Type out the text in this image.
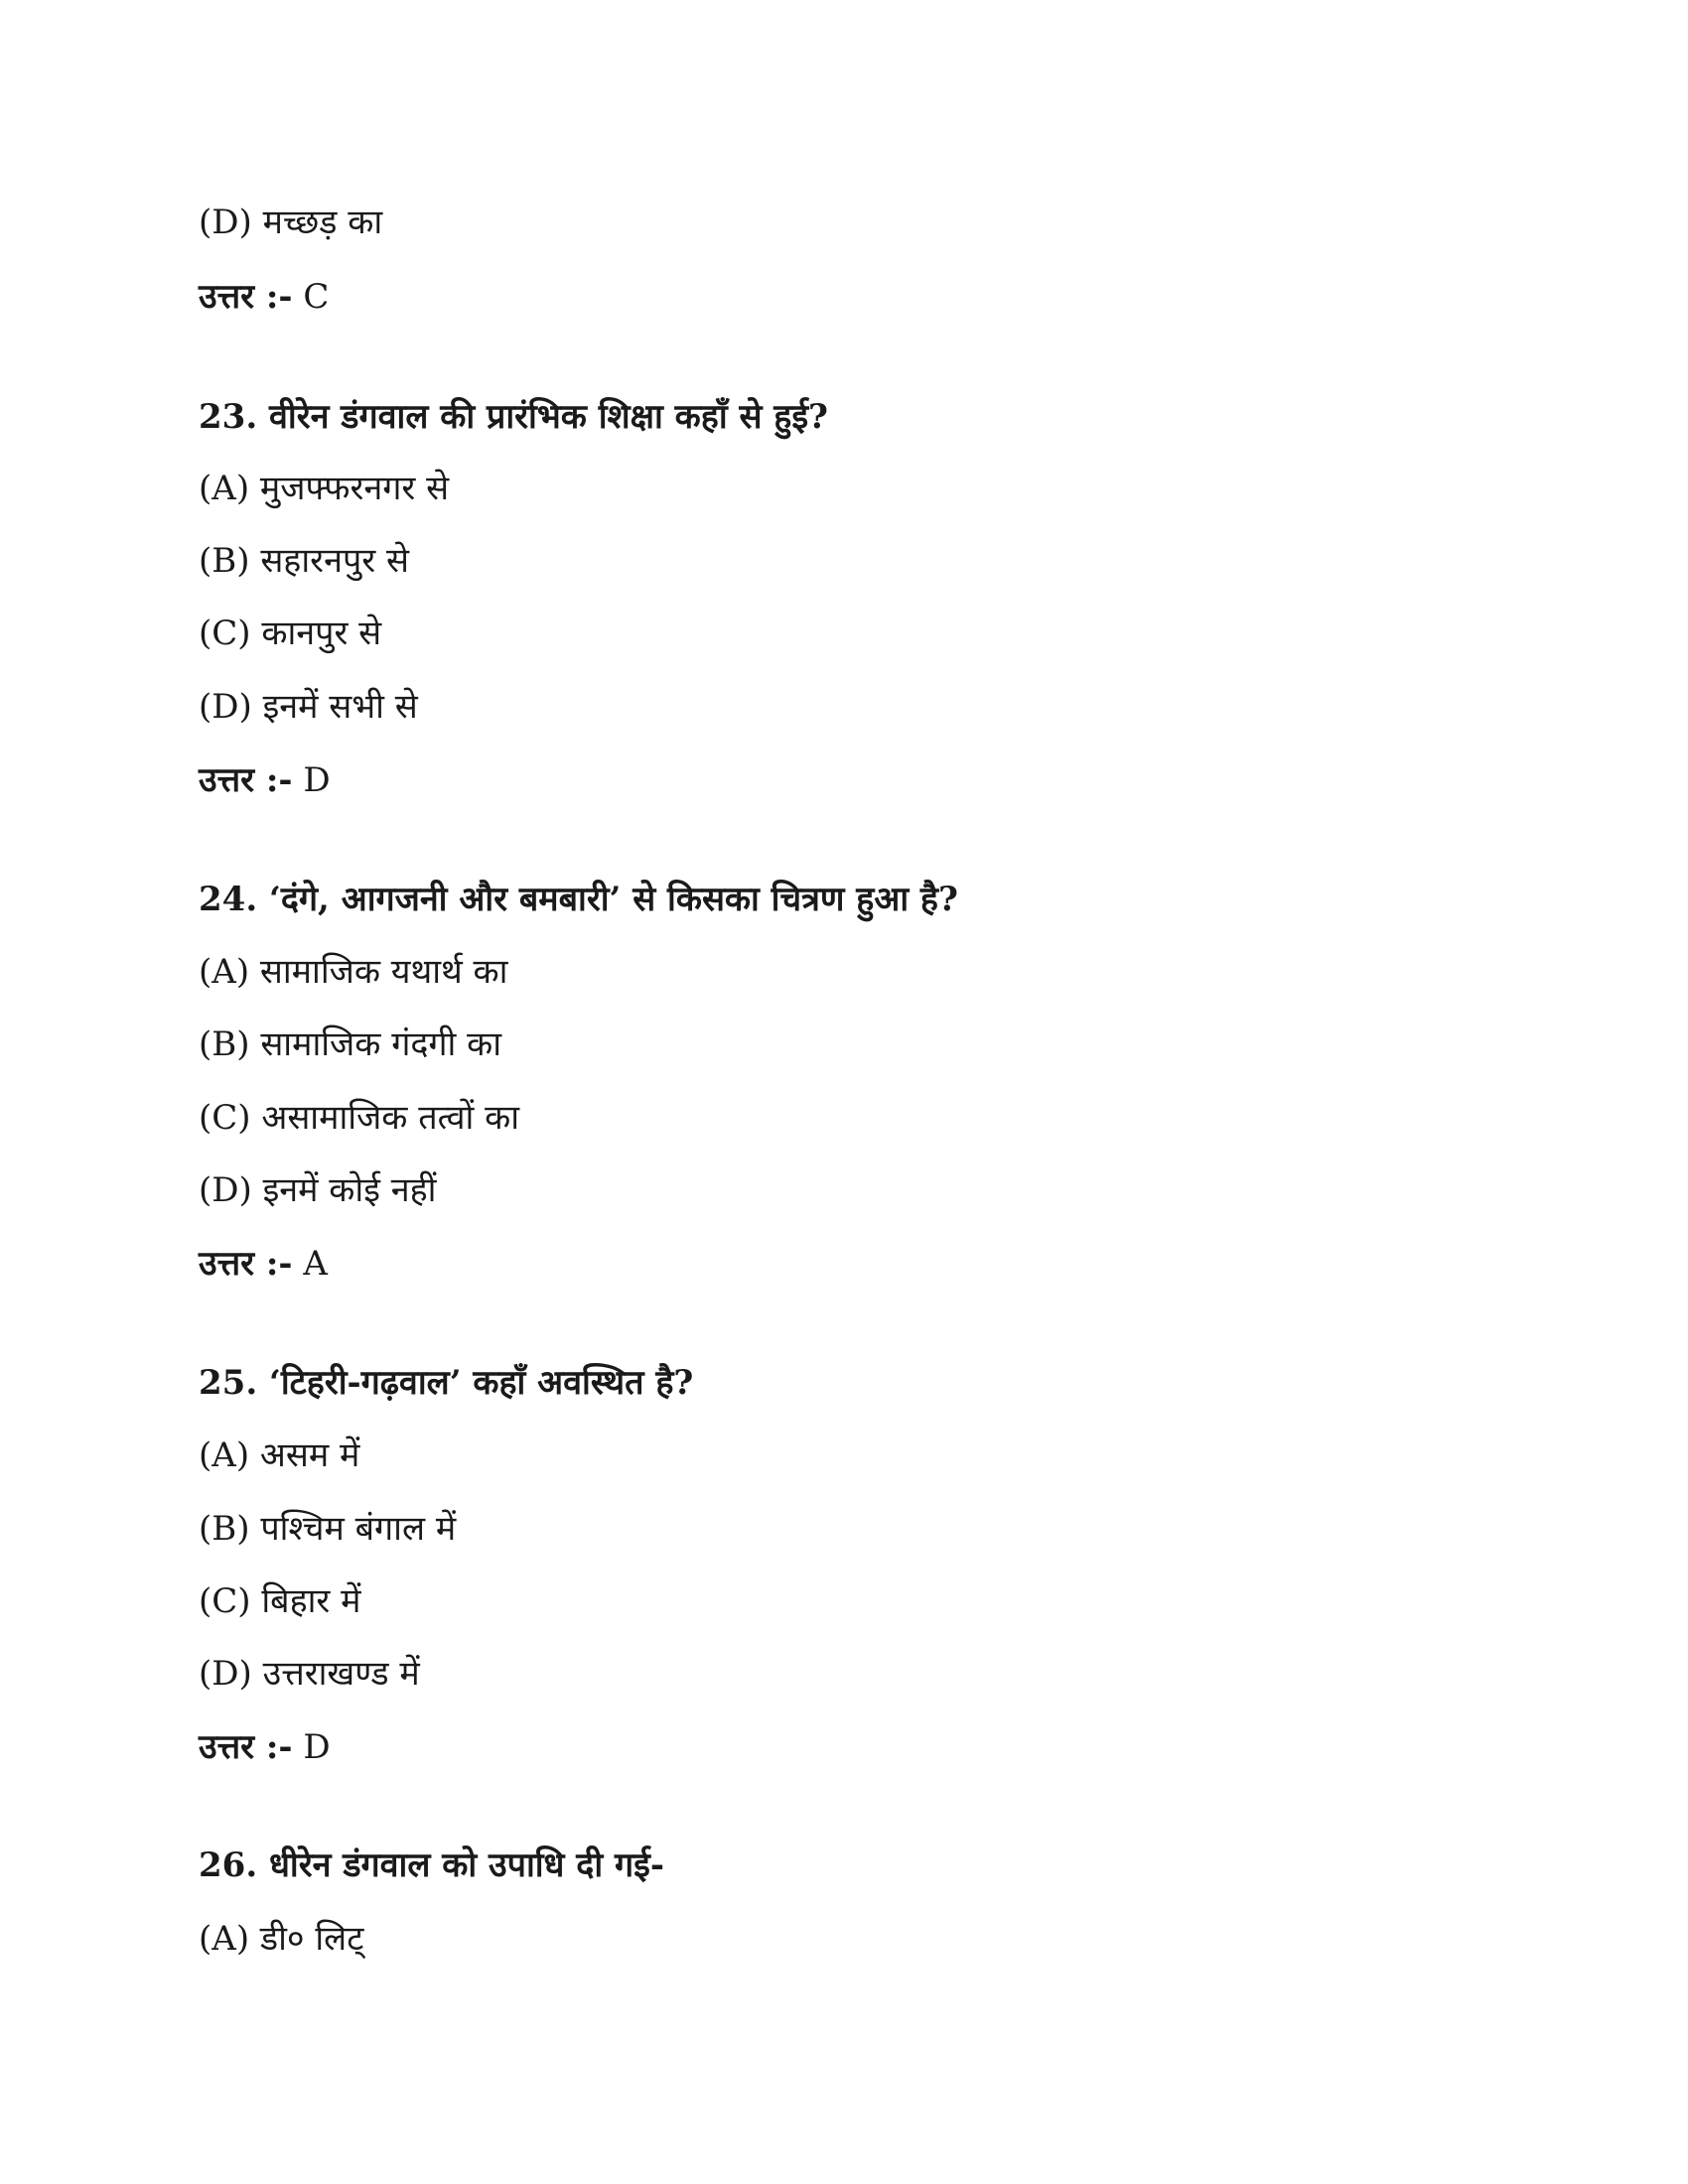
(D) मच्छड़ का
उत्तर :- C
23. वीरेन डंगवाल की प्रारंभिक शिक्षा कहाँ से हुई?
(A) मुजफ्फरनगर से
(B) सहारनपुर से
(C) कानपुर से
(D) इनमें सभी से
उत्तर :- D
24. ‘दंगे, आगजनी और बमबारी’ से किसका चित्रण हुआ है?
(A) सामाजिक यथार्थ का
(B) सामाजिक गंदगी का
(C) असामाजिक तत्वों का
(D) इनमें कोई नहीं
उत्तर :- A
25. ‘टिहरी-गढ़वाल’ कहाँ अवस्थित है?
(A) असम में
(B) पश्चिम बंगाल में
(C) बिहार में
(D) उत्तराखण्ड में
उत्तर :- D
26. धीरेन डंगवाल को उपाधि दी गई-
(A) डी० लिट्
